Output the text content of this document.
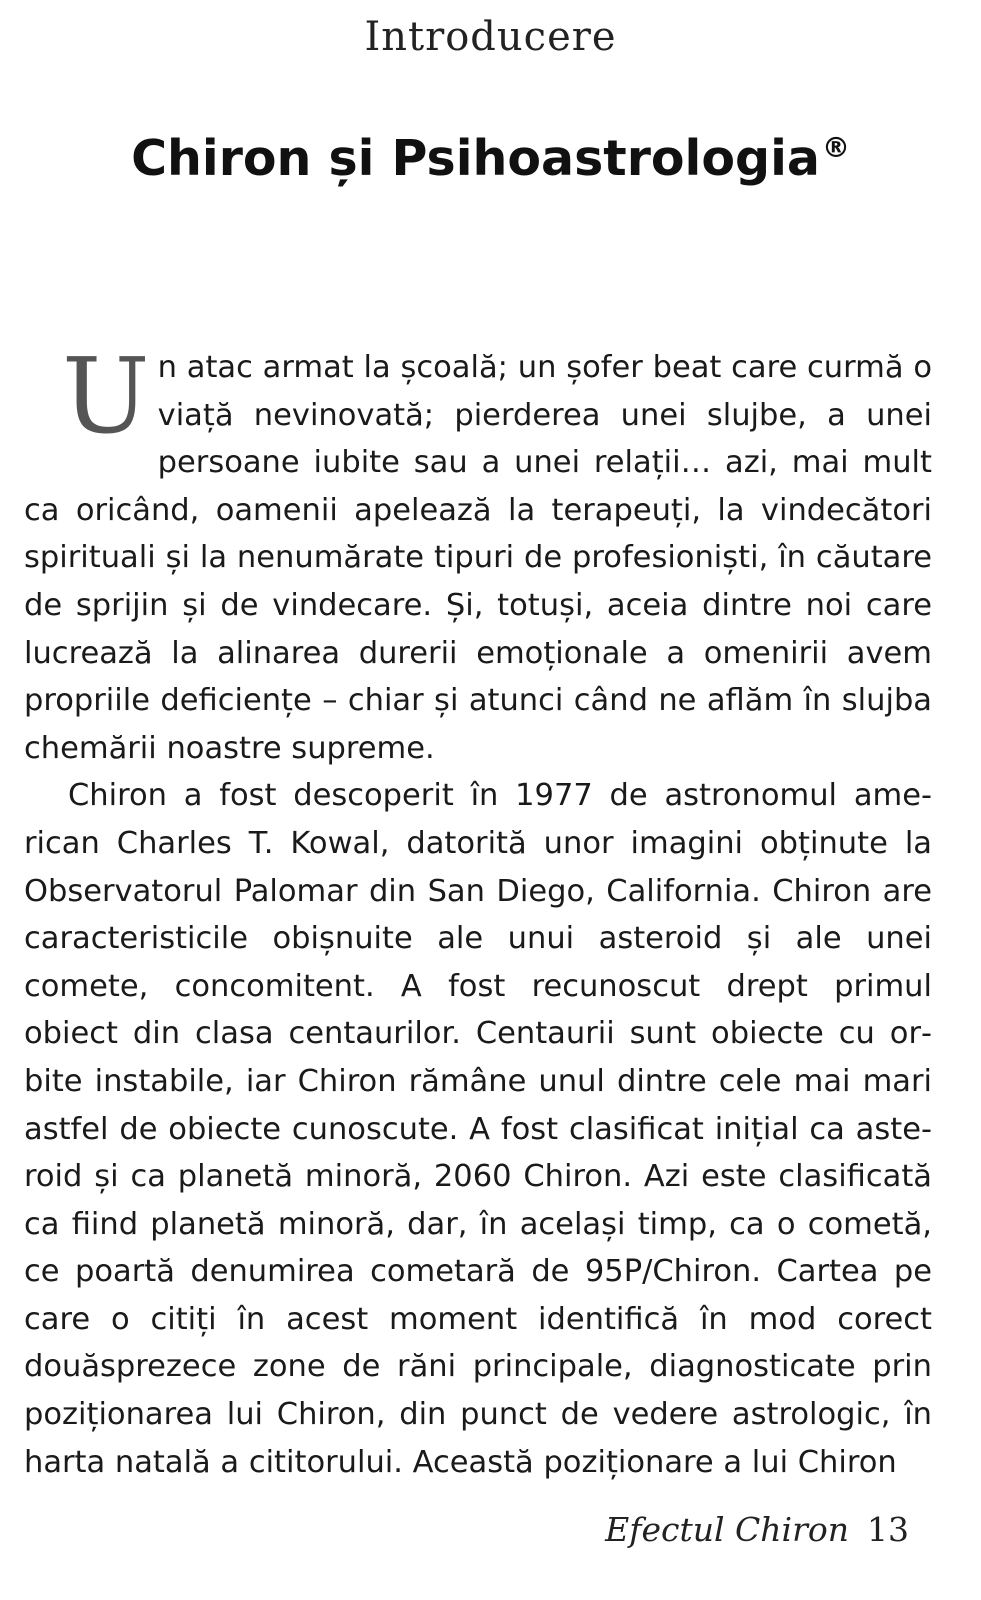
Introducere
Chiron și Psihoastrologia®

Un atac armat la școală; un șofer beat care curmă o viață nevinovată; pierderea unei slujbe, a unei persoane iubite sau a unei relații… azi, mai mult ca oricând, oamenii apelează la terapeuți, la vindecători spirituali și la nenumărate tipuri de profesioniști, în căutare de sprijin și de vindecare. Și, totuși, aceia dintre noi care lucrează la alinarea durerii emoționale a omenirii avem propriile deficiențe – chiar și atunci când ne aflăm în slujba chemării noastre supreme.

Chiron a fost descoperit în 1977 de astronomul american Charles T. Kowal, datorită unor imagini obținute la Observatorul Palomar din San Diego, California. Chiron are caracteristicile obișnuite ale unui asteroid și ale unei comete, concomitent. A fost recunoscut drept primul obiect din clasa centaurilor. Centaurii sunt obiecte cu orbite instabile, iar Chiron rămâne unul dintre cele mai mari astfel de obiecte cunoscute. A fost clasificat inițial ca asteroid și ca planetă minoră, 2060 Chiron. Azi este clasificată ca fiind planetă minoră, dar, în același timp, ca o cometă, ce poartă denumirea cometară de 95P/Chiron. Cartea pe care o citiți în acest moment identifică în mod corect douăsprezece zone de răni principale, diagnosticate prin poziționarea lui Chiron, din punct de vedere astrologic, în harta natală a cititorului. Această poziționare a lui Chiron

Efectul Chiron 13
